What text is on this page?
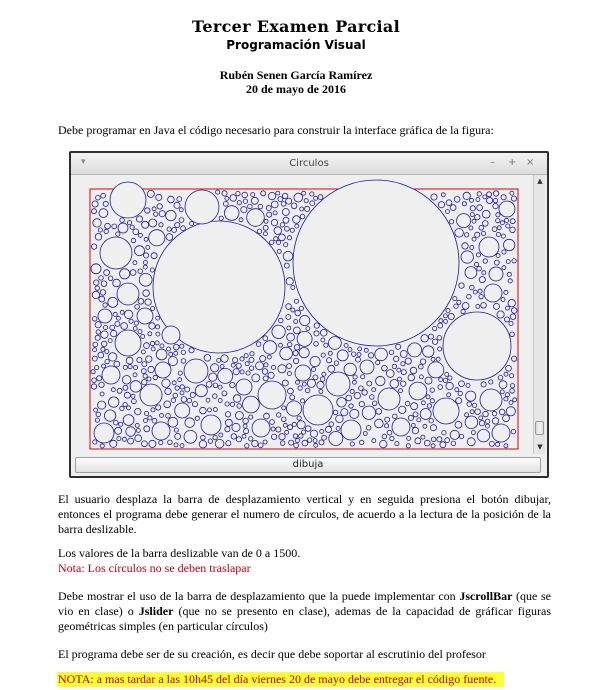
Tercer Examen Parcial
Programación Visual
Rubén Senen García Ramírez
20 de mayo de 2016
Debe programar en Java el código necesario para construir la interface gráfica de la figura:
▾	Circulos	– + ×
▲
▼
dibuja
El usuario desplaza la barra de desplazamiento vertical y en seguida presiona el botón dibujar, entonces el programa debe generar el numero de círculos, de acuerdo a la lectura de la posición de la barra deslizable.
Los valores de la barra deslizable van de 0 a 1500.
Nota: Los círculos no se deben traslapar
Debe mostrar el uso de la barra de desplazamiento que la puede implementar con JscrollBar (que se vio en clase) o Jslider (que no se presento en clase), ademas de la capacidad de gráficar figuras geométricas simples (en particular círculos)
El programa debe ser de su creación, es decir que debe soportar al escrutinio del profesor
NOTA: a mas tardar a las 10h45 del día viernes 20 de mayo debe entregar el código fuente.
